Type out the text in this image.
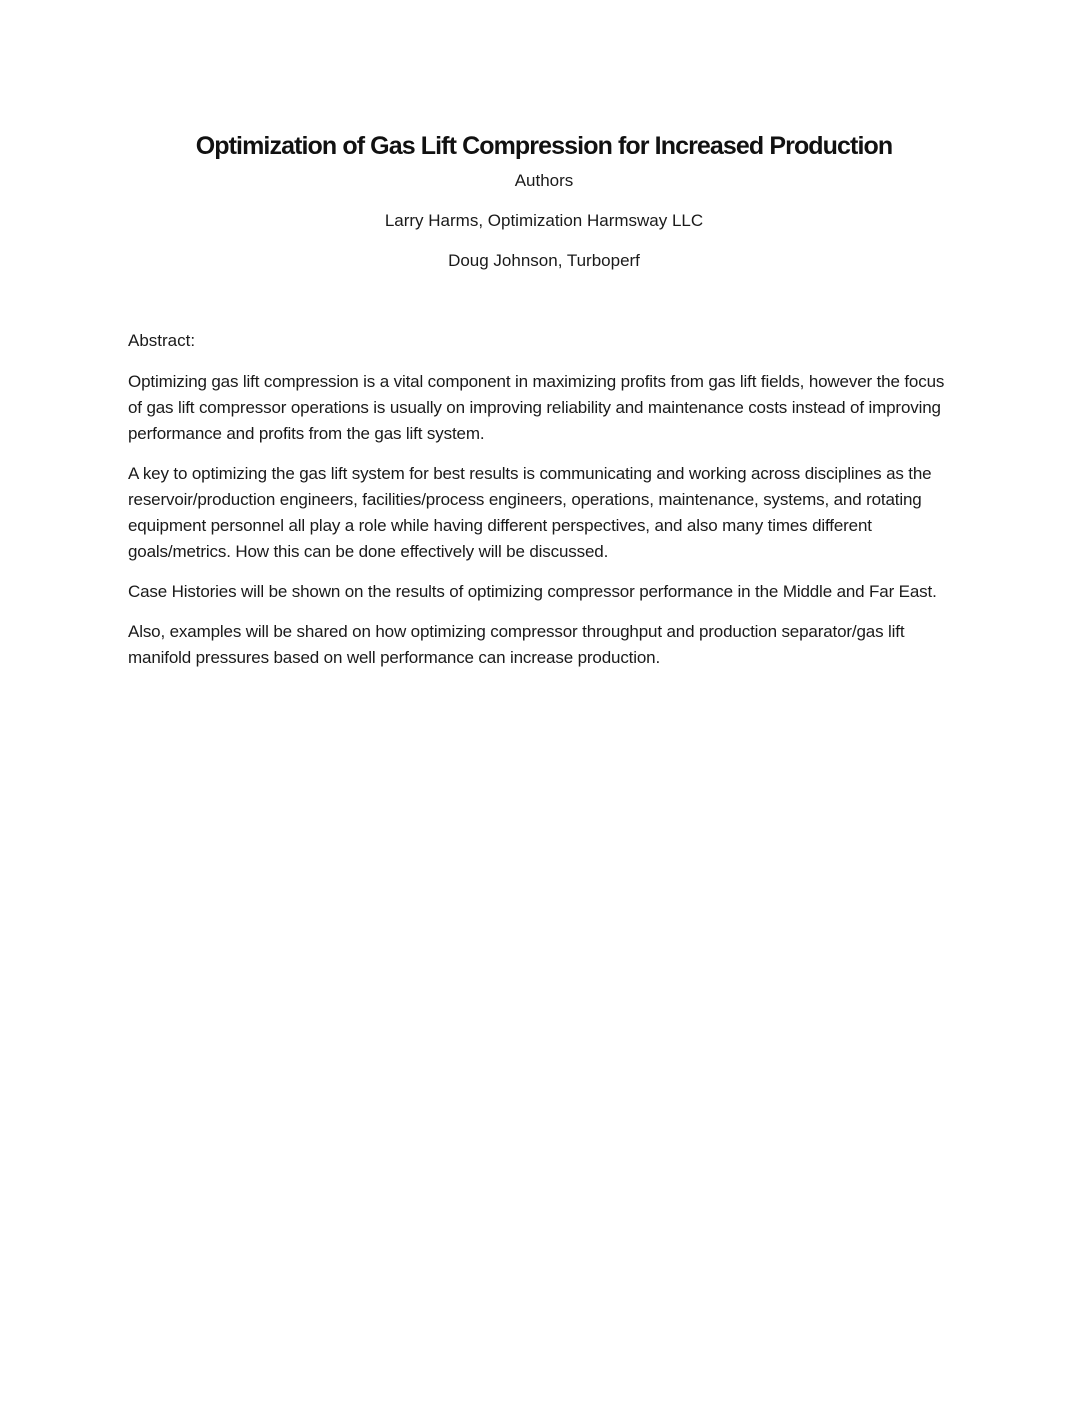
Optimization of Gas Lift Compression for Increased Production

Authors

Larry Harms, Optimization Harmsway LLC

Doug Johnson, Turboperf

Abstract:

Optimizing gas lift compression is a vital component in maximizing profits from gas lift fields, however the focus of gas lift compressor operations is usually on improving reliability and maintenance costs instead of improving performance and profits from the gas lift system.

A key to optimizing the gas lift system for best results is communicating and working across disciplines as the reservoir/production engineers, facilities/process engineers, operations, maintenance, systems, and rotating equipment personnel all play a role while having different perspectives, and also many times different goals/metrics. How this can be done effectively will be discussed.

Case Histories will be shown on the results of optimizing compressor performance in the Middle and Far East.

Also, examples will be shared on how optimizing compressor throughput and production separator/gas lift manifold pressures based on well performance can increase production.
